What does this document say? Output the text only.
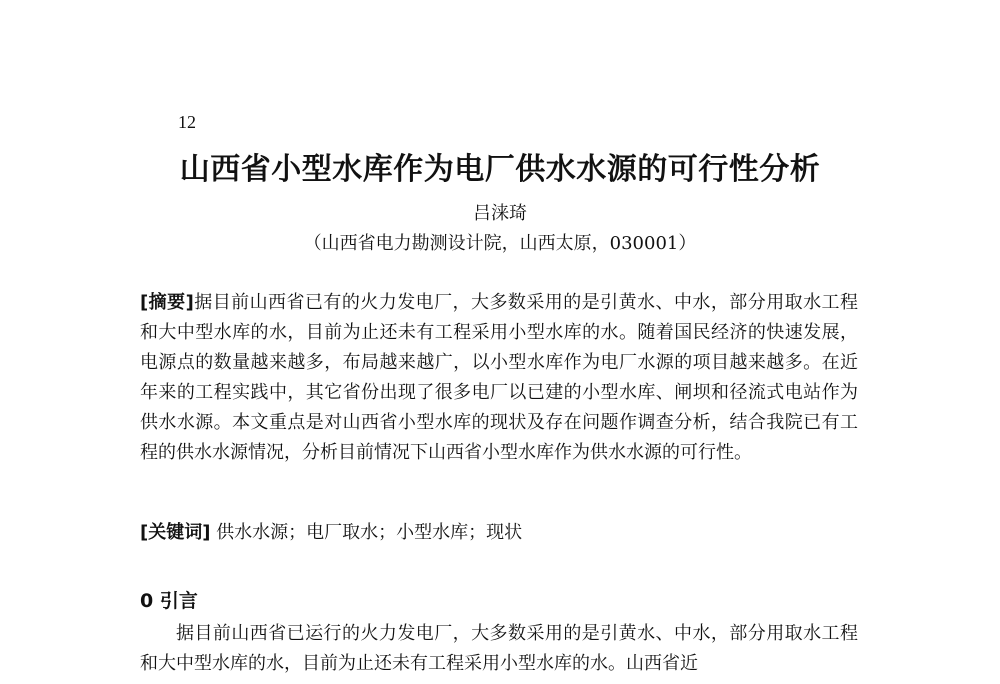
12
山西省小型水库作为电厂供水水源的可行性分析
吕涞琦
（山西省电力勘测设计院，山西太原，030001）
[摘要]据目前山西省已有的火力发电厂，大多数采用的是引黄水、中水，部分用取水工程和大中型水库的水，目前为止还未有工程采用小型水库的水。随着国民经济的快速发展，电源点的数量越来越多，布局越来越广，以小型水库作为电厂水源的项目越来越多。在近年来的工程实践中，其它省份出现了很多电厂以已建的小型水库、闸坝和径流式电站作为供水水源。本文重点是对山西省小型水库的现状及存在问题作调查分析，结合我院已有工程的供水水源情况，分析目前情况下山西省小型水库作为供水水源的可行性。
[关键词] 供水水源；电厂取水；小型水库；现状
0 引言
据目前山西省已运行的火力发电厂，大多数采用的是引黄水、中水，部分用取水工程和大中型水库的水，目前为止还未有工程采用小型水库的水。山西省近
